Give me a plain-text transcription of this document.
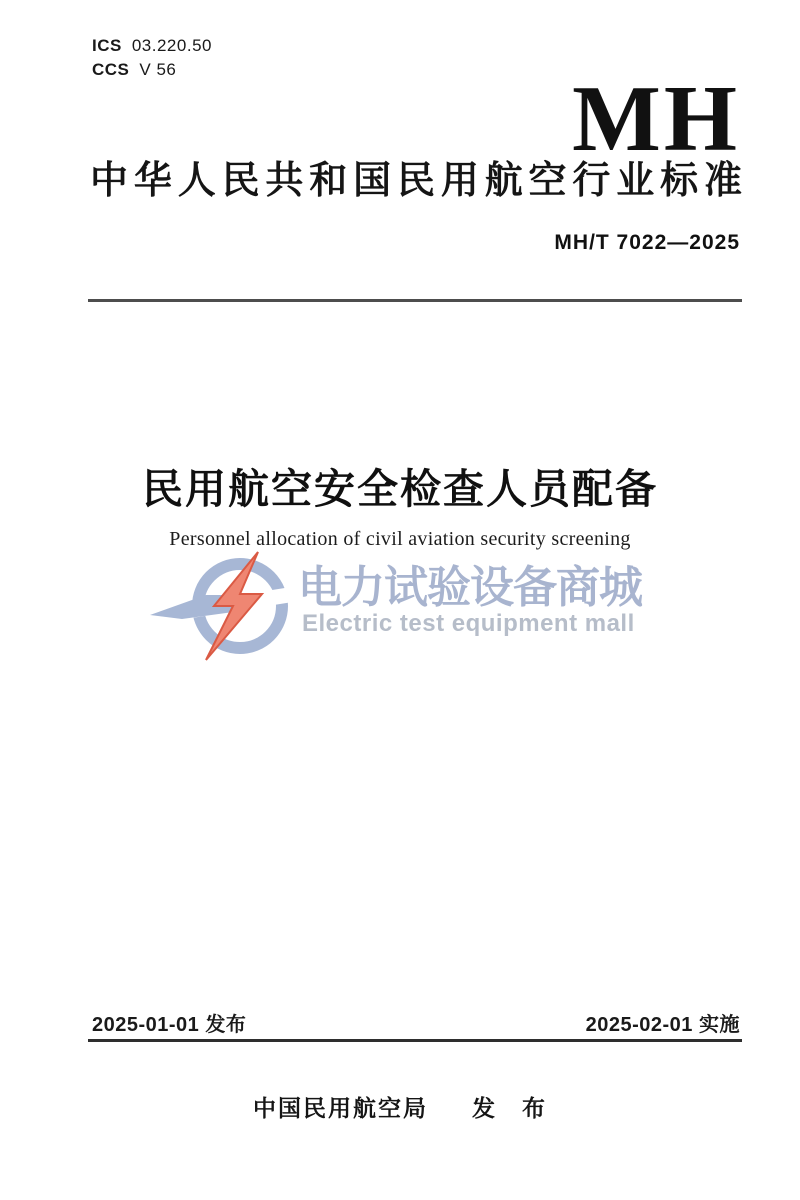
ICS 03.220.50
CCS V 56	MH
中华人民共和国民用航空行业标准
MH/T 7022—2025
民用航空安全检查人员配备
Personnel allocation of civil aviation security screening
电力试验设备商城
Electric test equipment mall
2025-01-01 发布	2025-02-01 实施
中国民用航空局 发　布
